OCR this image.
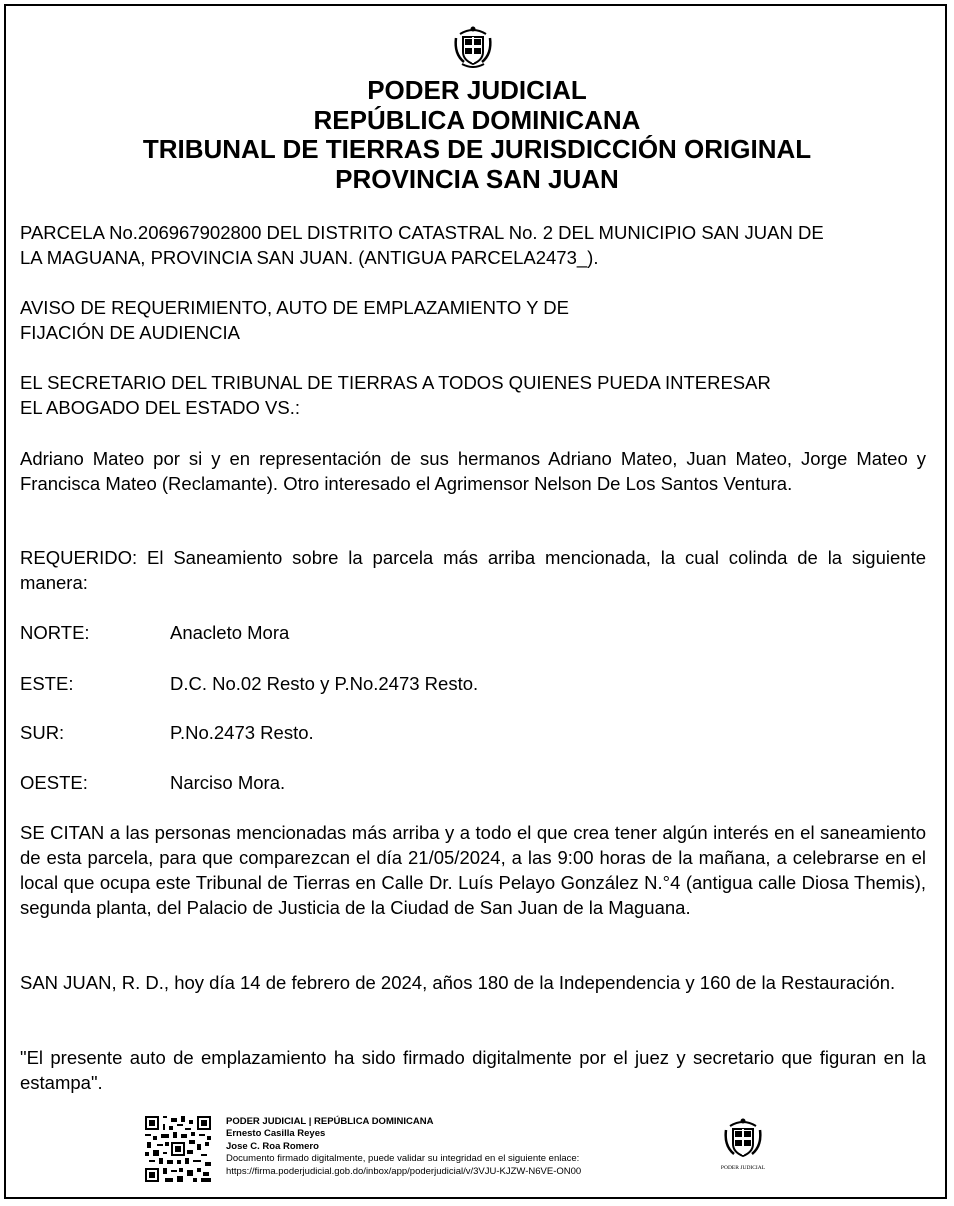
PODER JUDICIAL
REPÚBLICA DOMINICANA
TRIBUNAL DE TIERRAS DE JURISDICCIÓN ORIGINAL
PROVINCIA SAN JUAN
PARCELA No.206967902800 DEL DISTRITO CATASTRAL No. 2 DEL MUNICIPIO SAN JUAN DE
LA MAGUANA, PROVINCIA SAN JUAN. (ANTIGUA PARCELA2473_).
AVISO DE REQUERIMIENTO, AUTO DE EMPLAZAMIENTO Y DE
FIJACIÓN DE AUDIENCIA
EL SECRETARIO DEL TRIBUNAL DE TIERRAS A TODOS QUIENES PUEDA INTERESAR
EL ABOGADO DEL ESTADO VS.:

Adriano Mateo por si y en representación de sus hermanos Adriano Mateo, Juan Mateo, Jorge Mateo y Francisca Mateo (Reclamante). Otro interesado el Agrimensor Nelson De Los Santos Ventura.

REQUERIDO: El Saneamiento sobre la parcela más arriba mencionada, la cual colinda de la siguiente manera:

NORTE:	Anacleto Mora
ESTE:	D.C. No.02 Resto y P.No.2473 Resto.
SUR:	P.No.2473 Resto.
OESTE:	Narciso Mora.

SE CITAN a las personas mencionadas más arriba y a todo el que crea tener algún interés en el saneamiento de esta parcela, para que comparezcan el día 21/05/2024, a las 9:00 horas de la mañana, a celebrarse en el local que ocupa este Tribunal de Tierras en Calle Dr. Luís Pelayo González N.°4 (antigua calle Diosa Themis), segunda planta, del Palacio de Justicia de la Ciudad de San Juan de la Maguana.

SAN JUAN, R. D., hoy día 14 de febrero de 2024, años 180 de la Independencia y 160 de la Restauración.

"El presente auto de emplazamiento ha sido firmado digitalmente por el juez y secretario que figuran en la estampa".

PODER JUDICIAL | REPÚBLICA DOMINICANA
Ernesto Casilla Reyes
Jose C. Roa Romero
Documento firmado digitalmente, puede validar su integridad en el siguiente enlace:
https://firma.poderjudicial.gob.do/inbox/app/poderjudicial/v/3VJU-KJZW-N6VE-ON00	PODER JUDICIAL
